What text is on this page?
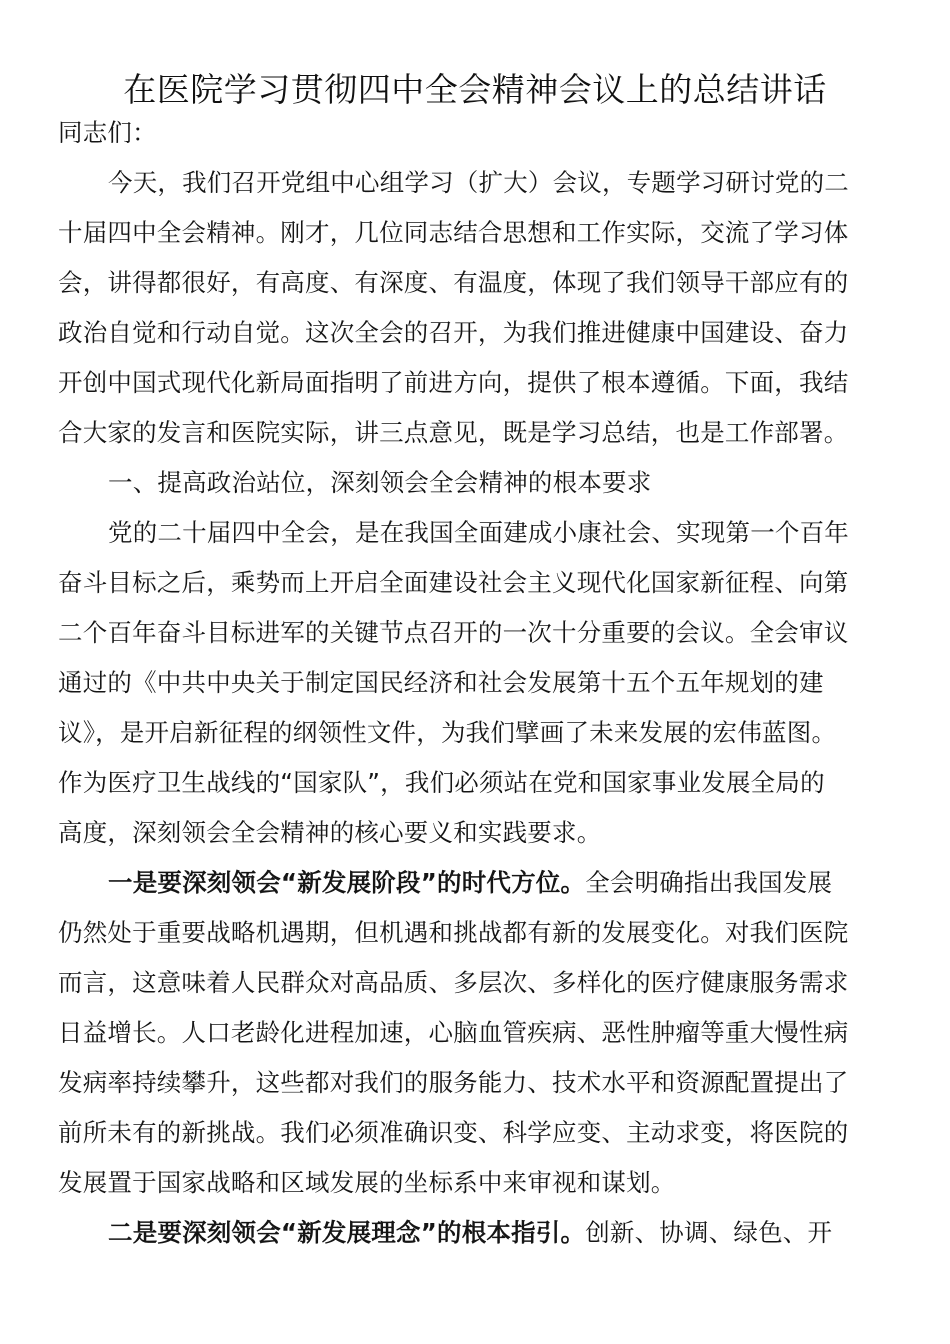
在医院学习贯彻四中全会精神会议上的总结讲话
同志们：
今天，我们召开党组中心组学习（扩大）会议，专题学习研讨党的二
十届四中全会精神。刚才，几位同志结合思想和工作实际，交流了学习体
会，讲得都很好，有高度、有深度、有温度，体现了我们领导干部应有的
政治自觉和行动自觉。这次全会的召开，为我们推进健康中国建设、奋力
开创中国式现代化新局面指明了前进方向，提供了根本遵循。下面，我结
合大家的发言和医院实际，讲三点意见，既是学习总结，也是工作部署。
一、提高政治站位，深刻领会全会精神的根本要求
党的二十届四中全会，是在我国全面建成小康社会、实现第一个百年
奋斗目标之后，乘势而上开启全面建设社会主义现代化国家新征程、向第
二个百年奋斗目标进军的关键节点召开的一次十分重要的会议。全会审议
通过的《中共中央关于制定国民经济和社会发展第十五个五年规划的建
议》，是开启新征程的纲领性文件，为我们擘画了未来发展的宏伟蓝图。
作为医疗卫生战线的“国家队”，我们必须站在党和国家事业发展全局的
高度，深刻领会全会精神的核心要义和实践要求。
一是要深刻领会“新发展阶段”的时代方位。全会明确指出我国发展
仍然处于重要战略机遇期，但机遇和挑战都有新的发展变化。对我们医院
而言，这意味着人民群众对高品质、多层次、多样化的医疗健康服务需求
日益增长。人口老龄化进程加速，心脑血管疾病、恶性肿瘤等重大慢性病
发病率持续攀升，这些都对我们的服务能力、技术水平和资源配置提出了
前所未有的新挑战。我们必须准确识变、科学应变、主动求变，将医院的
发展置于国家战略和区域发展的坐标系中来审视和谋划。
二是要深刻领会“新发展理念”的根本指引。创新、协调、绿色、开
